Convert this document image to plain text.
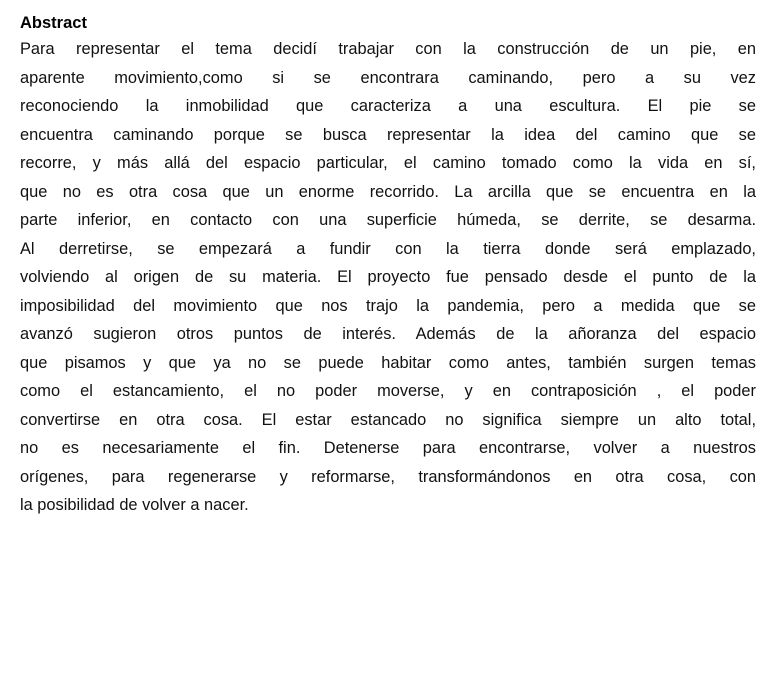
Abstract
Para representar el tema decidí trabajar con la construcción de un pie, en
aparente movimiento,como si se encontrara caminando, pero a su vez
reconociendo la inmobilidad que caracteriza a una escultura. El pie se
encuentra caminando porque se busca representar la idea del camino que se
recorre, y más allá del espacio particular, el camino tomado como la vida en sí,
que no es otra cosa que un enorme recorrido. La arcilla que se encuentra en la
parte inferior, en contacto con una superficie húmeda, se derrite, se desarma.
Al derretirse, se empezará a fundir con la tierra donde será emplazado,
volviendo al origen de su materia. El proyecto fue pensado desde el punto de la
imposibilidad del movimiento que nos trajo la pandemia, pero a medida que se
avanzó sugieron otros puntos de interés. Además de la añoranza del espacio
que pisamos y que ya no se puede habitar como antes, también surgen temas
como el estancamiento, el no poder moverse, y en contraposición , el poder
convertirse en otra cosa. El estar estancado no significa siempre un alto total,
no es necesariamente el fin. Detenerse para encontrarse, volver a nuestros
orígenes, para regenerarse y reformarse, transformándonos en otra cosa, con
la posibilidad de volver a nacer.
